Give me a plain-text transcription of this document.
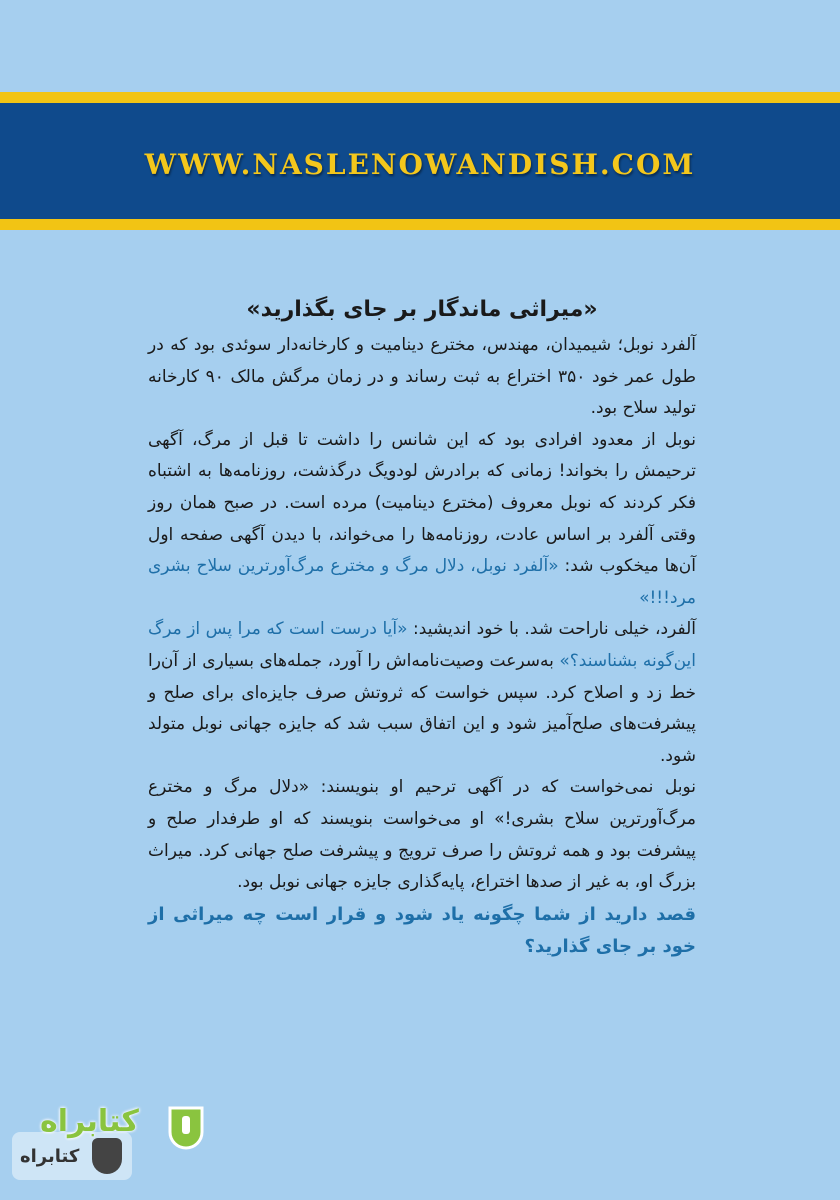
WWW.NASLENOWANDISH.COM
«میراثی ماندگار بر جای بگذارید»

آلفرد نوبل؛ شیمیدان، مهندس، مخترع دینامیت و کارخانه‌دار سوئدی بود که در طول عمر خود ۳۵۰ اختراع به ثبت رساند و در زمان مرگش مالک ۹۰ کارخانه تولید سلاح بود.

نوبل از معدود افرادی بود که این شانس را داشت تا قبل از مرگ، آگهی ترحیمش را بخواند! زمانی که برادرش لودویگ درگذشت، روزنامه‌ها به اشتباه فکر کردند که نوبل معروف (مخترع دینامیت) مرده است. در صبح همان روز وقتی آلفرد بر اساس عادت، روزنامه‌ها را می‌خواند، با دیدن آگهی صفحه اول آن‌ها میخکوب شد: «آلفرد نوبل، دلال مرگ و مخترع مرگ‌آورترین سلاح بشری مرد!!!»

آلفرد، خیلی ناراحت شد. با خود اندیشید: «آیا درست است که مرا پس از مرگ این‌گونه بشناسند؟» به‌سرعت وصیت‌نامه‌اش را آورد، جمله‌های بسیاری از آن‌را خط زد و اصلاح کرد. سپس خواست که ثروتش صرف جایزه‌ای برای صلح و پیشرفت‌های صلح‌آمیز شود و این اتفاق سبب شد که جایزه جهانی نوبل متولد شود.

نوبل نمی‌خواست که در آگهی ترحیم او بنویسند: «دلال مرگ و مخترع مرگ‌آورترین سلاح بشری!» او می‌خواست بنویسند که او طرفدار صلح و پیشرفت بود و همه ثروتش را صرف ترویج و پیشرفت صلح جهانی کرد. میراث بزرگ او، به غیر از صدها اختراع، پایه‌گذاری جایزه جهانی نوبل بود.

قصد دارید از شما چگونه یاد شود و قرار است چه میراثی از خود بر جای گذارید؟

کتابراه
کتابراه
